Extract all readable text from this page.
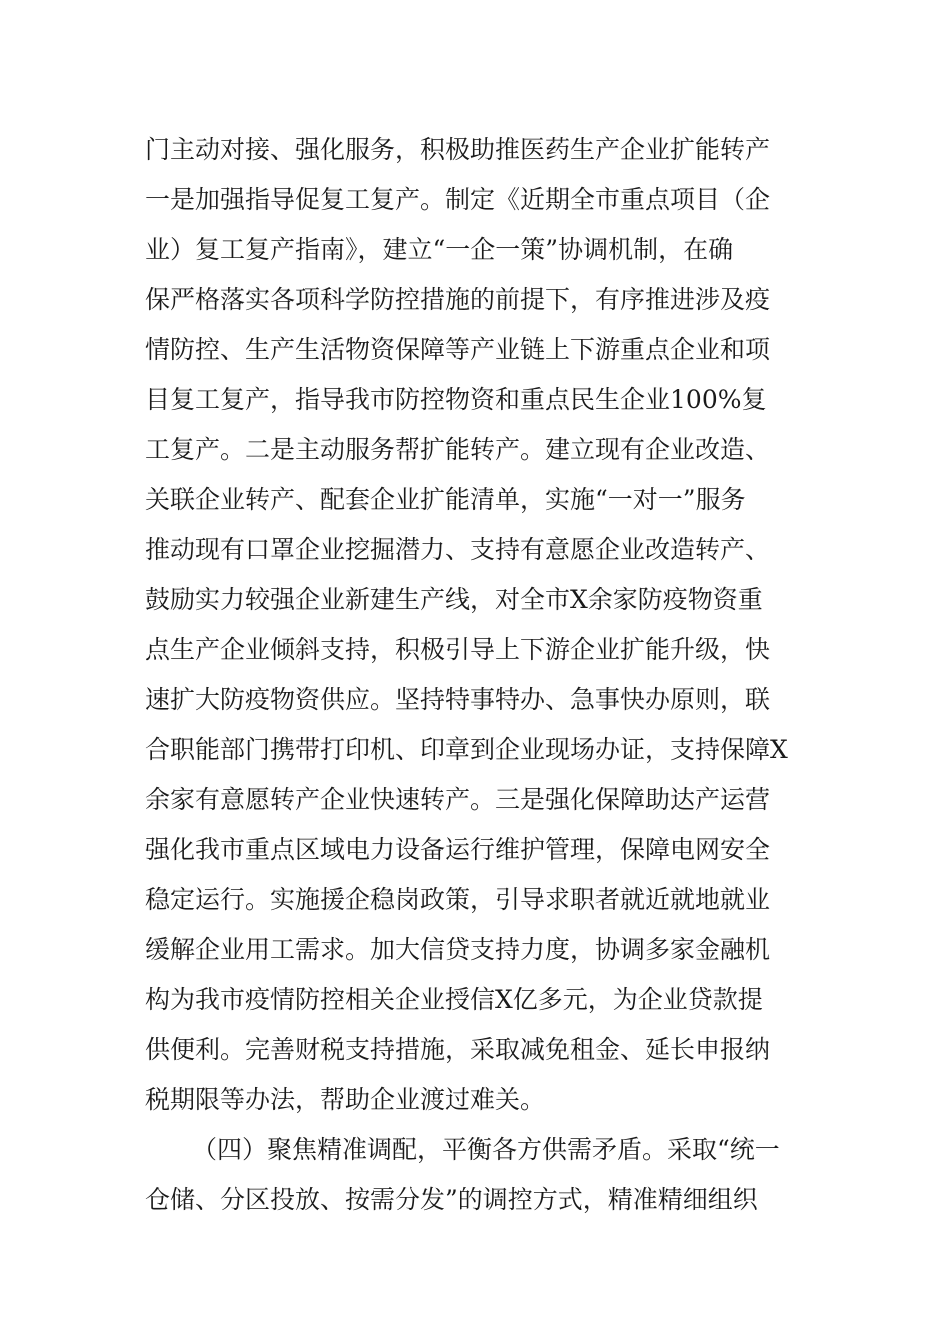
门主动对接、强化服务，积极助推医药生产企业扩能转产
一是加强指导促复工复产。制定《近期全市重点项目（企
业）复工复产指南》，建立“一企一策”协调机制，在确
保严格落实各项科学防控措施的前提下，有序推进涉及疫
情防控、生产生活物资保障等产业链上下游重点企业和项
目复工复产，指导我市防控物资和重点民生企业100%复
工复产。二是主动服务帮扩能转产。建立现有企业改造、
关联企业转产、配套企业扩能清单，实施“一对一”服务
推动现有口罩企业挖掘潜力、支持有意愿企业改造转产、
鼓励实力较强企业新建生产线，对全市X余家防疫物资重
点生产企业倾斜支持，积极引导上下游企业扩能升级，快
速扩大防疫物资供应。坚持特事特办、急事快办原则，联
合职能部门携带打印机、印章到企业现场办证，支持保障X
余家有意愿转产企业快速转产。三是强化保障助达产运营
强化我市重点区域电力设备运行维护管理，保障电网安全
稳定运行。实施援企稳岗政策，引导求职者就近就地就业
缓解企业用工需求。加大信贷支持力度，协调多家金融机
构为我市疫情防控相关企业授信X亿多元，为企业贷款提
供便利。完善财税支持措施，采取减免租金、延长申报纳
税期限等办法，帮助企业渡过难关。
（四）聚焦精准调配，平衡各方供需矛盾。采取“统一
仓储、分区投放、按需分发”的调控方式，精准精细组织
